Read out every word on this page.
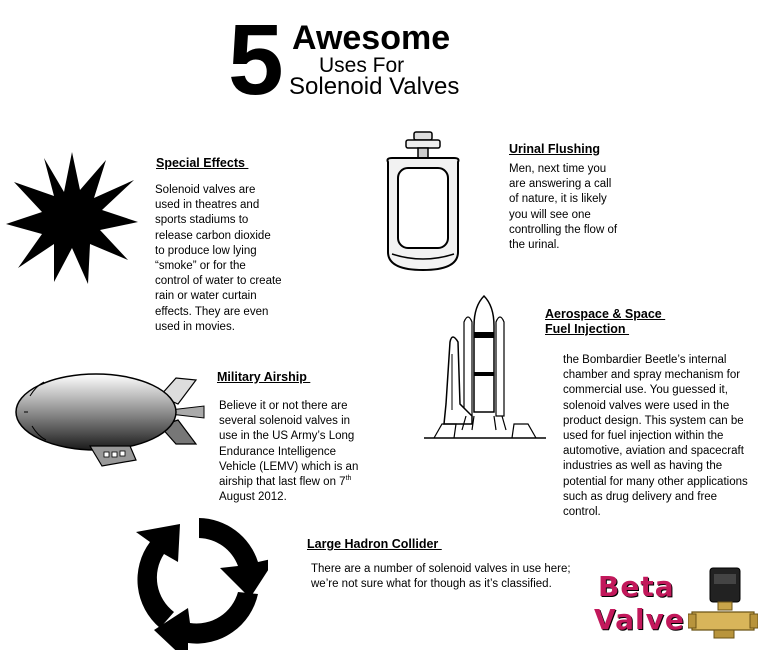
5 Awesome
Uses For
Solenoid Valves
Special Effects
Solenoid valves are
used in theatres and
sports stadiums to
release carbon dioxide
to produce low lying
“smoke” or for the
control of water to create
rain or water curtain
effects. They are even
used in movies.
Urinal Flushing
Men, next time you
are answering a call
of nature, it is likely
you will see one
controlling the flow of
the urinal.
Aerospace & Space
Fuel Injection
the Bombardier Beetle’s internal
chamber and spray mechanism for
commercial use. You guessed it,
solenoid valves were used in the
product design. This system can be
used for fuel injection within the
automotive, aviation and spacecraft
industries as well as having the
potential for many other applications
such as drug delivery and free
control.
Military Airship
Believe it or not there are
several solenoid valves in
use in the US Army’s Long
Endurance Intelligence
Vehicle (LEMV) which is an
airship that last flew on 7th
August 2012.
Large Hadron Collider
There are a number of solenoid valves in use here;
we’re not sure what for though as it’s classified.	Beta
Valve
